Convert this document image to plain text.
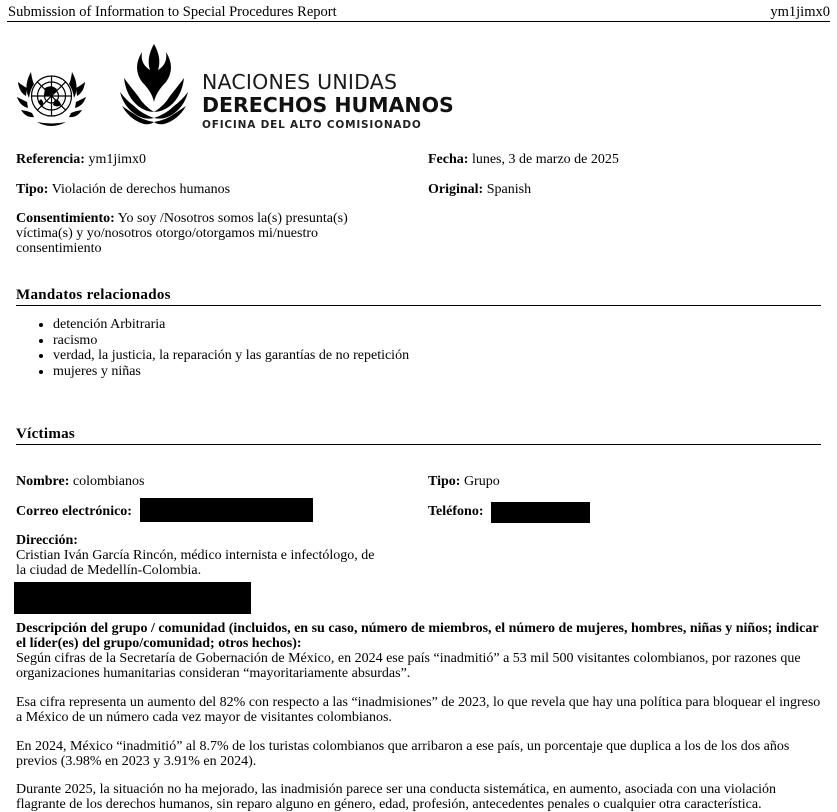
Submission of Information to Special Procedures Report	ym1jimx0
NACIONES UNIDAS
DERECHOS HUMANOS
OFICINA DEL ALTO COMISIONADO
Referencia: ym1jimx0	Fecha: lunes, 3 de marzo de 2025
Tipo: Violación de derechos humanos	Original: Spanish
Consentimiento: Yo soy /Nosotros somos la(s) presunta(s) víctima(s) y yo/nosotros otorgo/otorgamos mi/nuestro consentimiento
Mandatos relacionados
• detención Arbitraria
• racismo
• verdad, la justicia, la reparación y las garantías de no repetición
• mujeres y niñas
Víctimas
Nombre: colombianos	Tipo: Grupo
Correo electrónico:	Teléfono:
Dirección:
Cristian Iván García Rincón, médico internista e infectólogo, de la ciudad de Medellín-Colombia.
Descripción del grupo / comunidad (incluidos, en su caso, número de miembros, el número de mujeres, hombres, niñas y niños; indicar el líder(es) del grupo/comunidad; otros hechos):
Según cifras de la Secretaría de Gobernación de México, en 2024 ese país “inadmitió” a 53 mil 500 visitantes colombianos, por razones que organizaciones humanitarias consideran “mayoritariamente absurdas”.
Esa cifra representa un aumento del 82% con respecto a las “inadmisiones” de 2023, lo que revela que hay una política para bloquear el ingreso a México de un número cada vez mayor de visitantes colombianos.
En 2024, México “inadmitió” al 8.7% de los turistas colombianos que arribaron a ese país, un porcentaje que duplica a los de los dos años previos (3.98% en 2023 y 3.91% en 2024).
Durante 2025, la situación no ha mejorado, las inadmisión parece ser una conducta sistemática, en aumento, asociada con una violación flagrante de los derechos humanos, sin reparo alguno en género, edad, profesión, antecedentes penales o cualquier otra característica.
